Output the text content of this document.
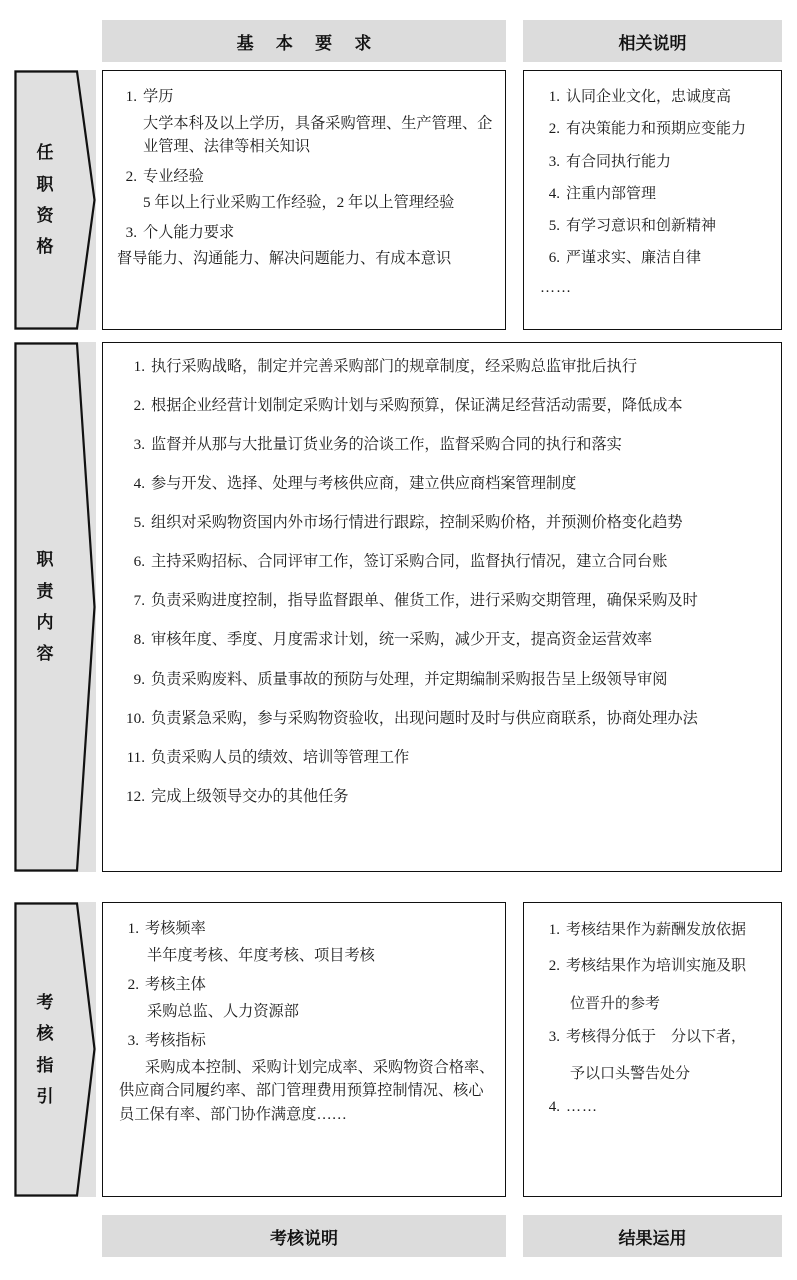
基 本 要 求	相关说明
任
职
资
格
1. 学历
大学本科及以上学历，具备采购管理、生产管理、企业管理、法律等相关知识
2. 专业经验
5 年以上行业采购工作经验，2 年以上管理经验
3. 个人能力要求
督导能力、沟通能力、解决问题能力、有成本意识
1. 认同企业文化，忠诚度高
2. 有决策能力和预期应变能力
3. 有合同执行能力
4. 注重内部管理
5. 有学习意识和创新精神
6. 严谨求实、廉洁自律
……
职
责
内
容
1. 执行采购战略，制定并完善采购部门的规章制度，经采购总监审批后执行
2. 根据企业经营计划制定采购计划与采购预算，保证满足经营活动需要，降低成本
3. 监督并从那与大批量订货业务的洽谈工作，监督采购合同的执行和落实
4. 参与开发、选择、处理与考核供应商，建立供应商档案管理制度
5. 组织对采购物资国内外市场行情进行跟踪，控制采购价格，并预测价格变化趋势
6. 主持采购招标、合同评审工作，签订采购合同，监督执行情况，建立合同台账
7. 负责采购进度控制，指导监督跟单、催货工作，进行采购交期管理，确保采购及时
8. 审核年度、季度、月度需求计划，统一采购，减少开支，提高资金运营效率
9. 负责采购废料、质量事故的预防与处理，并定期编制采购报告呈上级领导审阅
10. 负责紧急采购，参与采购物资验收，出现问题时及时与供应商联系，协商处理办法
11. 负责采购人员的绩效、培训等管理工作
12. 完成上级领导交办的其他任务
考
核
指
引
1. 考核频率
半年度考核、年度考核、项目考核
2. 考核主体
采购总监、人力资源部
3. 考核指标
采购成本控制、采购计划完成率、采购物资合格率、供应商合同履约率、部门管理费用预算控制情况、核心员工保有率、部门协作满意度……
1. 考核结果作为薪酬发放依据
2. 考核结果作为培训实施及职
位晋升的参考
3. 考核得分低于　分以下者，
予以口头警告处分
4. ……
考核说明	结果运用
